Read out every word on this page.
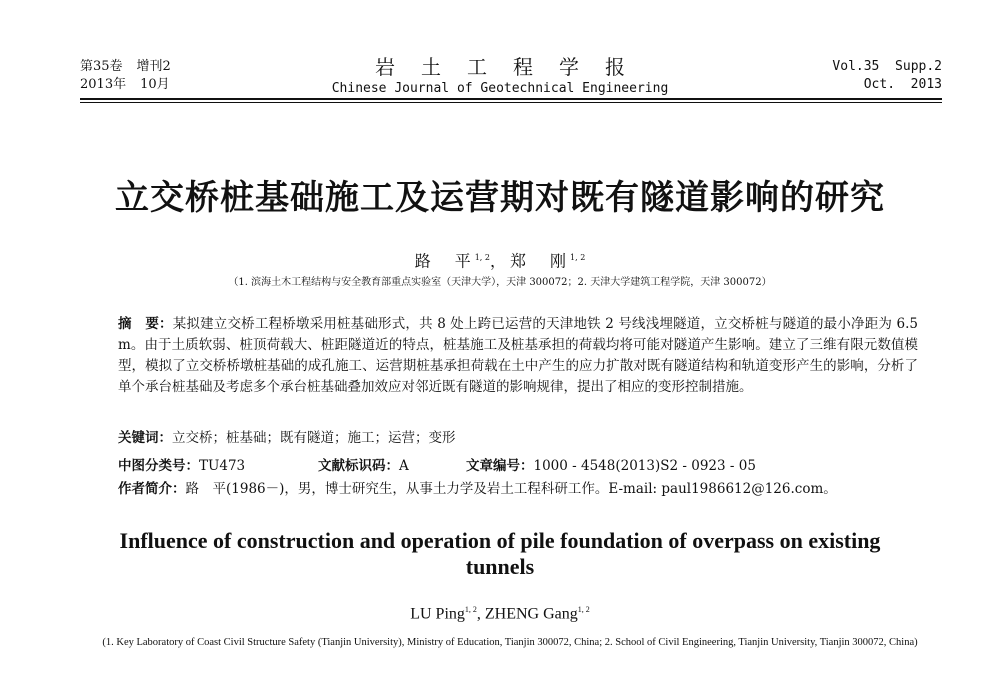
第35卷 增刊2
2013年 10月
岩土工程学报
Chinese Journal of Geotechnical Engineering
Vol.35  Supp.2
Oct.  2013
立交桥桩基础施工及运营期对既有隧道影响的研究
路　平$^{1, 2}$，郑　刚$^{1, 2}$
（1. 滨海土木工程结构与安全教育部重点实验室（天津大学），天津 300072；2. 天津大学建筑工程学院，天津 300072）
摘　要：某拟建立交桥工程桥墩采用桩基础形式，共 8 处上跨已运营的天津地铁 2 号线浅埋隧道，立交桥桩与隧道的最小净距为 6.5 m。由于土质软弱、桩顶荷载大、桩距隧道近的特点，桩基施工及桩基承担的荷载均将可能对隧道产生影响。建立了三维有限元数值模型，模拟了立交桥桥墩桩基础的成孔施工、运营期桩基承担荷载在土中产生的应力扩散对既有隧道结构和轨道变形产生的影响，分析了单个承台桩基础及考虑多个承台桩基础叠加效应对邻近既有隧道的影响规律，提出了相应的变形控制措施。
关键词：立交桥；桩基础；既有隧道；施工；运营；变形
中图分类号：TU473	文献标识码：A	文章编号：1000 - 4548(2013)S2 - 0923 - 05
作者简介：路　平(1986－)，男，博士研究生，从事土力学及岩土工程科研工作。E-mail: paul1986612@126.com。
Influence of construction and operation of pile foundation of overpass on existing tunnels
LU Ping$^{1, 2}$, ZHENG Gang$^{1, 2}$
(1. Key Laboratory of Coast Civil Structure Safety (Tianjin University), Ministry of Education, Tianjin 300072, China; 2. School of Civil Engineering, Tianjin University, Tianjin 300072, China)
